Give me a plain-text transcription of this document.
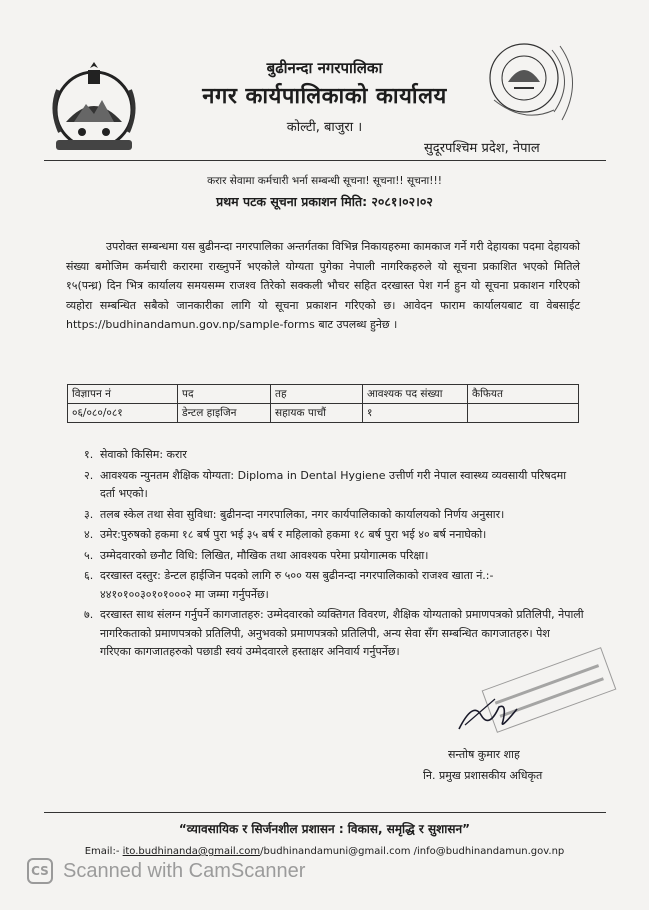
बुढीनन्दा नगरपालिका
नगर कार्यपालिकाको कार्यालय
कोल्टी, बाजुरा ।
सुदूरपश्चिम प्रदेश, नेपाल
करार सेवामा कर्मचारी भर्ना सम्बन्धी सूचना! सूचना!! सूचना!!!
प्रथम पटक सूचना प्रकाशन मिति: २०८१।०२।०२
उपरोक्त सम्बन्धमा यस बुढीनन्दा नगरपालिका अन्तर्गतका विभिन्न निकायहरुमा कामकाज गर्ने गरी देहायका पदमा देहायको संख्या बमोजिम कर्मचारी करारमा राख्नुपर्ने भएकोले योग्यता पुगेका नेपाली नागरिकहरुले यो सूचना प्रकाशित भएको मितिले १५(पन्ध्र) दिन भित्र कार्यालय समयसम्म राजश्व तिरेको सक्कली भौचर सहित दरखास्त पेश गर्न हुन यो सूचना प्रकाशन गरिएको व्यहोरा सम्बन्धित सबैको जानकारीका लागि यो सूचना प्रकाशन गरिएको छ। आवेदन फाराम कार्यालयबाट वा वेबसाईट https://budhinandamun.gov.np/sample-forms बाट उपलब्ध हुनेछ ।
विज्ञापन नं	पद	तह	आवश्यक पद संख्या	कैफियत
०६/०८०/०८१	डेन्टल हाइजिन	सहायक पाचौं	१	
१. सेवाको किसिम: करार
२. आवश्यक न्युनतम शैक्षिक योग्यता: Diploma in Dental Hygiene उत्तीर्ण गरी नेपाल स्वास्थ्य व्यवसायी परिषदमा दर्ता भएको।
३. तलब स्केल तथा सेवा सुविधा: बुढीनन्दा नगरपालिका, नगर कार्यपालिकाको कार्यालयको निर्णय अनुसार।
४. उमेर:पुरुषको हकमा १८ बर्ष पुरा भई ३५ बर्ष र महिलाको हकमा १८ बर्ष पुरा भई ४० बर्ष ननाघेको।
५. उम्मेदवारको छनौट विधि: लिखित, मौखिक तथा आवश्यक परेमा प्रयोगात्मक परिक्षा।
६. दरखास्त दस्तुर: डेन्टल हाईजिन पदको लागि रु ५०० यस बुढीनन्दा नगरपालिकाको राजश्व खाता नं.:- ४४१०१००३०१०१०००२ मा जम्मा गर्नुपर्नेछ।
७. दरखास्त साथ संलग्न गर्नुपर्ने कागजातहरु: उम्मेदवारको व्यक्तिगत विवरण, शैक्षिक योग्यताको प्रमाणपत्रको प्रतिलिपी, नेपाली नागरिकताको प्रमाणपत्रको प्रतिलिपी, अनुभवको प्रमाणपत्रको प्रतिलिपी, अन्य सेवा सँग सम्बन्धित कागजातहरु। पेश गरिएका कागजातहरुको पछाडी स्वयं उम्मेदवारले हस्ताक्षर अनिवार्य गर्नुपर्नेछ।
सन्तोष कुमार शाह
नि. प्रमुख प्रशासकीय अधिकृत
“व्यावसायिक र सिर्जनशील प्रशासन : विकास, समृद्धि र सुशासन”
Email:- ito.budhinanda@gmail.com/budhinandamuni@gmail.com /info@budhinandamun.gov.np
CS Scanned with CamScanner
